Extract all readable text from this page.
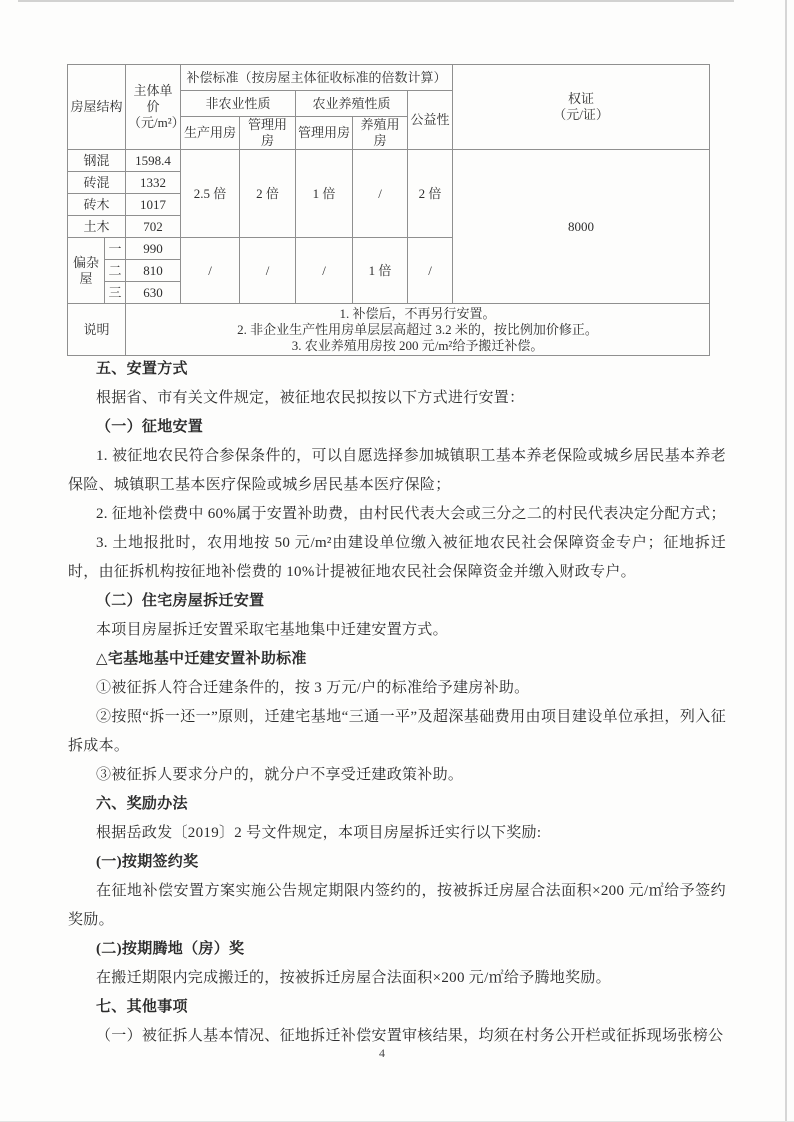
房屋结构		主体单价
（元/m²）	补偿标准（按房屋主体征收标准的倍数计算）					权证
（元/证）
			非农业性质		农业养殖性质		公益性	
			生产用房	管理用房	管理用房	养殖用房		
钢混		1598.4	2.5 倍	2 倍	1 倍	/	2 倍	8000
砖混		1332						
砖木		1017						
土木		702						
偏杂屋	一	990	/	/	/	1 倍	/	
	二	810						
	三	630						
说明		1. 补偿后，不再另行安置。
2. 非企业生产性用房单层层高超过 3.2 米的，按比例加价修正。
3. 农业养殖用房按 200 元/m²给予搬迁补偿。						

五、安置方式

根据省、市有关文件规定，被征地农民拟按以下方式进行安置：

（一）征地安置

1. 被征地农民符合参保条件的，可以自愿选择参加城镇职工基本养老保险或城乡居民基本养老保险、城镇职工基本医疗保险或城乡居民基本医疗保险；

2. 征地补偿费中 60%属于安置补助费，由村民代表大会或三分之二的村民代表决定分配方式；

3. 土地报批时，农用地按 50 元/m²由建设单位缴入被征地农民社会保障资金专户；征地拆迁时，由征拆机构按征地补偿费的 10%计提被征地农民社会保障资金并缴入财政专户。

（二）住宅房屋拆迁安置

本项目房屋拆迁安置采取宅基地集中迁建安置方式。

△宅基地基中迁建安置补助标准

①被征拆人符合迁建条件的，按 3 万元/户的标准给予建房补助。

②按照“拆一还一”原则，迁建宅基地“三通一平”及超深基础费用由项目建设单位承担，列入征拆成本。

③被征拆人要求分户的，就分户不享受迁建政策补助。

六、奖励办法

根据岳政发〔2019〕2 号文件规定，本项目房屋拆迁实行以下奖励:

(一)按期签约奖

在征地补偿安置方案实施公告规定期限内签约的，按被拆迁房屋合法面积×200 元/㎡给予签约奖励。

(二)按期腾地（房）奖

在搬迁期限内完成搬迁的，按被拆迁房屋合法面积×200 元/㎡给予腾地奖励。

七、其他事项

（一）被征拆人基本情况、征地拆迁补偿安置审核结果，均须在村务公开栏或征拆现场张榜公

4
